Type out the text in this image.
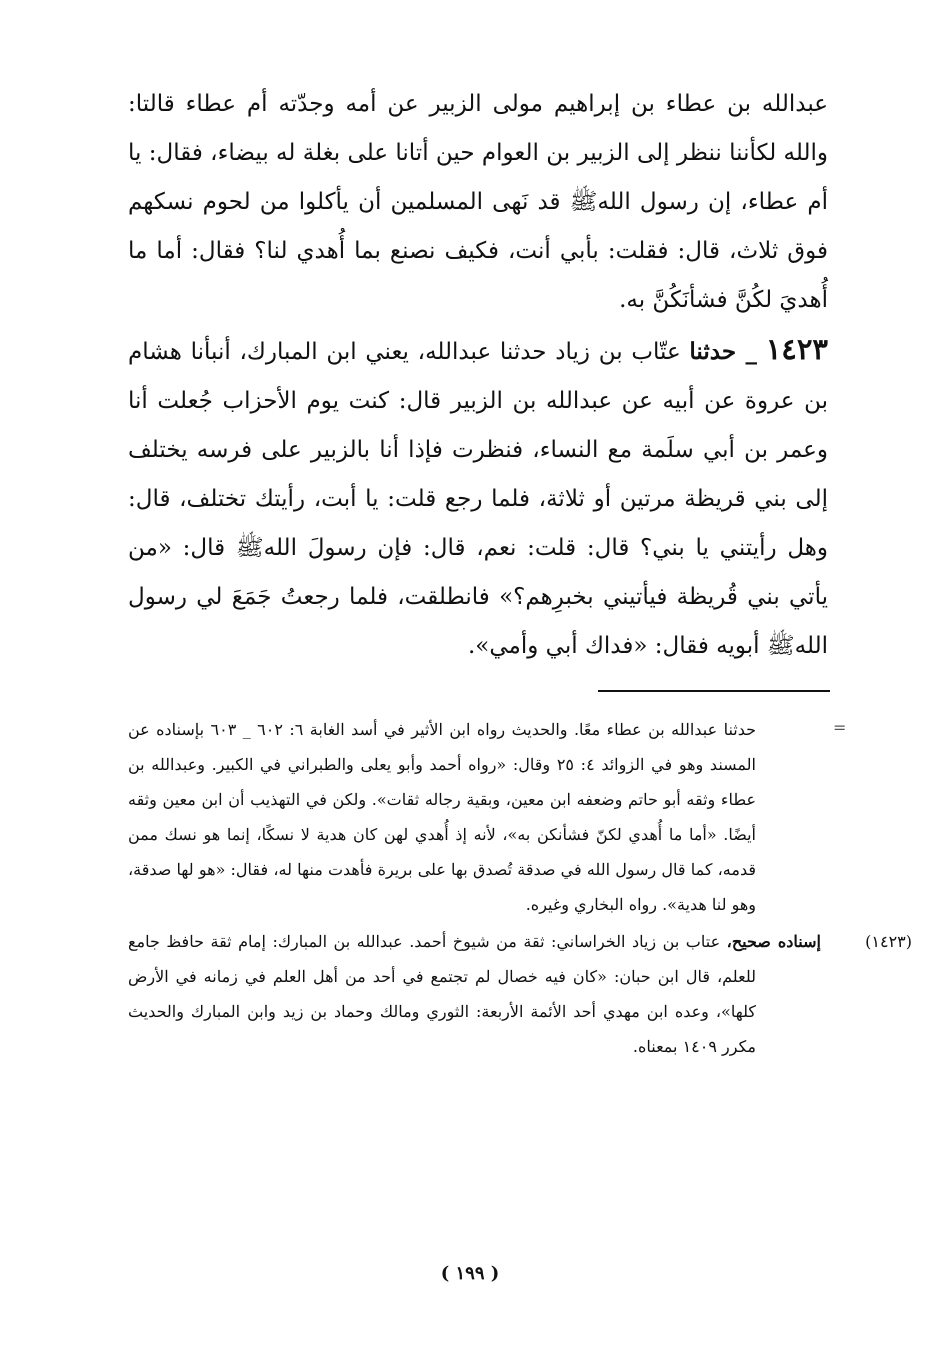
عبدالله بن عطاء بن إبراهيم مولى الزبير عن أمه وجدّته أم عطاء قالتا: والله لكأننا ننظر إلى الزبير بن العوام حين أتانا على بغلة له بيضاء، فقال: يا أم عطاء، إن رسول اللهﷺ قد نَهى المسلمين أن يأكلوا من لحوم نسكهم فوق ثلاث، قال: فقلت: بأبي أنت، فكيف نصنع بما أُهدي لنا؟ فقال: أما ما أُهديَ لكُنَّ فشأنَكُنَّ به.

١٤٢٣ _ حدثنا عتّاب بن زياد حدثنا عبدالله، يعني ابن المبارك، أنبأنا هشام بن عروة عن أبيه عن عبدالله بن الزبير قال: كنت يوم الأحزاب جُعلت أنا وعمر بن أبي سلَمة مع النساء، فنظرت فإذا أنا بالزبير على فرسه يختلف إلى بني قريظة مرتين أو ثلاثة، فلما رجع قلت: يا أبت، رأيتك تختلف، قال: وهل رأيتني يا بني؟ قال: قلت: نعم، قال: فإن رسولَ اللهﷺ قال: «من يأتي بني قُريظة فيأتيني بخبرِهم؟» فانطلقت، فلما رجعتُ جَمَعَ لي رسول اللهﷺ أبويه فقال: «فداك أبي وأمي».

=

حدثنا عبدالله بن عطاء معًا. والحديث رواه ابن الأثير في أسد الغابة ٦: ٦٠٢ _ ٦٠٣ بإسناده عن المسند وهو في الزوائد ٤: ٢٥ وقال: «رواه أحمد وأبو يعلى والطبراني في الكبير. وعبدالله بن عطاء وثقه أبو حاتم وضعفه ابن معين، وبقية رجاله ثقات». ولكن في التهذيب أن ابن معين وثقه أيضًا. «أما ما أُهدي لكنّ فشأنكن به»، لأنه إذ أُهدي لهن كان هدية لا نسكًا، إنما هو نسك ممن قدمه، كما قال رسول الله في صدقة تُصدق بها على بريرة فأهدت منها له، فقال: «هو لها صدقة، وهو لنا هدية». رواه البخاري وغيره.

(١٤٢٣)  إسناده صحيح، عتاب بن زياد الخراساني: ثقة من شيوخ أحمد. عبدالله بن المبارك: إمام ثقة حافظ جامع للعلم، قال ابن حبان: «كان فيه خصال لم تجتمع في أحد من أهل العلم في زمانه في الأرض كلها»، وعده ابن مهدي أحد الأئمة الأربعة: الثوري ومالك وحماد بن زيد وابن المبارك والحديث مكرر ١٤٠٩ بمعناه.

( ١٩٩ )
